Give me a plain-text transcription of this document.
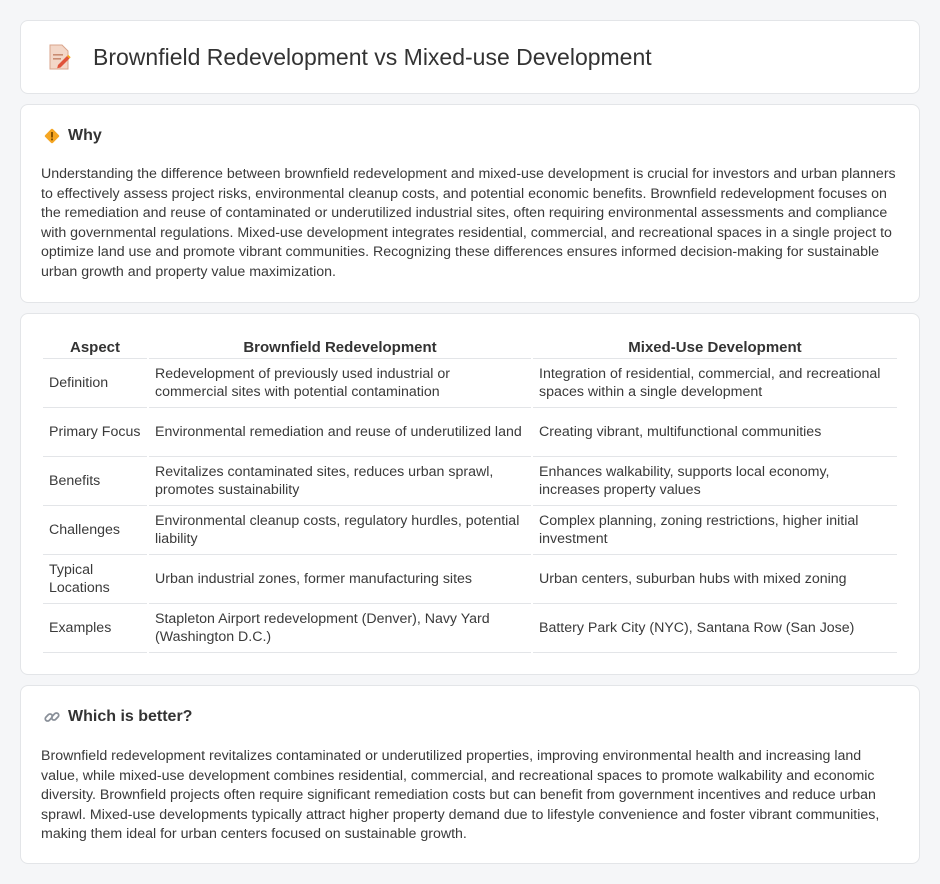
Brownfield Redevelopment vs Mixed-use Development
Why

Understanding the difference between brownfield redevelopment and mixed-use development is crucial for investors and urban planners to effectively assess project risks, environmental cleanup costs, and potential economic benefits. Brownfield redevelopment focuses on the remediation and reuse of contaminated or underutilized industrial sites, often requiring environmental assessments and compliance with governmental regulations. Mixed-use development integrates residential, commercial, and recreational spaces in a single project to optimize land use and promote vibrant communities. Recognizing these differences ensures informed decision-making for sustainable urban growth and property value maximization.

Aspect	Brownfield Redevelopment	Mixed-Use Development
Definition	Redevelopment of previously used industrial or commercial sites with potential contamination	Integration of residential, commercial, and recreational spaces within a single development
Primary Focus	Environmental remediation and reuse of underutilized land	Creating vibrant, multifunctional communities
Benefits	Revitalizes contaminated sites, reduces urban sprawl, promotes sustainability	Enhances walkability, supports local economy, increases property values
Challenges	Environmental cleanup costs, regulatory hurdles, potential liability	Complex planning, zoning restrictions, higher initial investment
Typical Locations	Urban industrial zones, former manufacturing sites	Urban centers, suburban hubs with mixed zoning
Examples	Stapleton Airport redevelopment (Denver), Navy Yard (Washington D.C.)	Battery Park City (NYC), Santana Row (San Jose)
Which is better?

Brownfield redevelopment revitalizes contaminated or underutilized properties, improving environmental health and increasing land value, while mixed-use development combines residential, commercial, and recreational spaces to promote walkability and economic diversity. Brownfield projects often require significant remediation costs but can benefit from government incentives and reduce urban sprawl. Mixed-use developments typically attract higher property demand due to lifestyle convenience and foster vibrant communities, making them ideal for urban centers focused on sustainable growth.
